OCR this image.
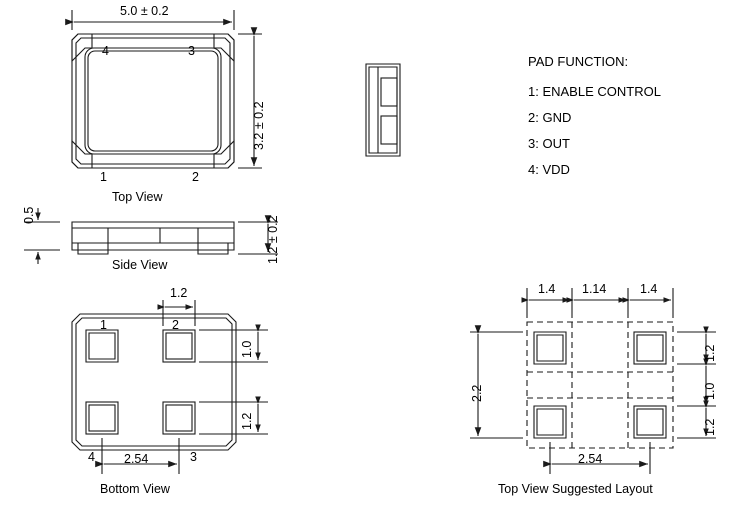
5.0 ± 0.2
4	3
1	2
3.2 ± 0.2
Top View
0.5
1.2 ± 0.2
Side View
1.2
1	2
4	3
1.0
1.2
2.54
Bottom View
1.4 1.14	1.4
2.2
1.2
1.0
1.2
2.54
Top View Suggested Layout
PAD FUNCTION:
1: ENABLE CONTROL
2: GND
3: OUT
4: VDD
